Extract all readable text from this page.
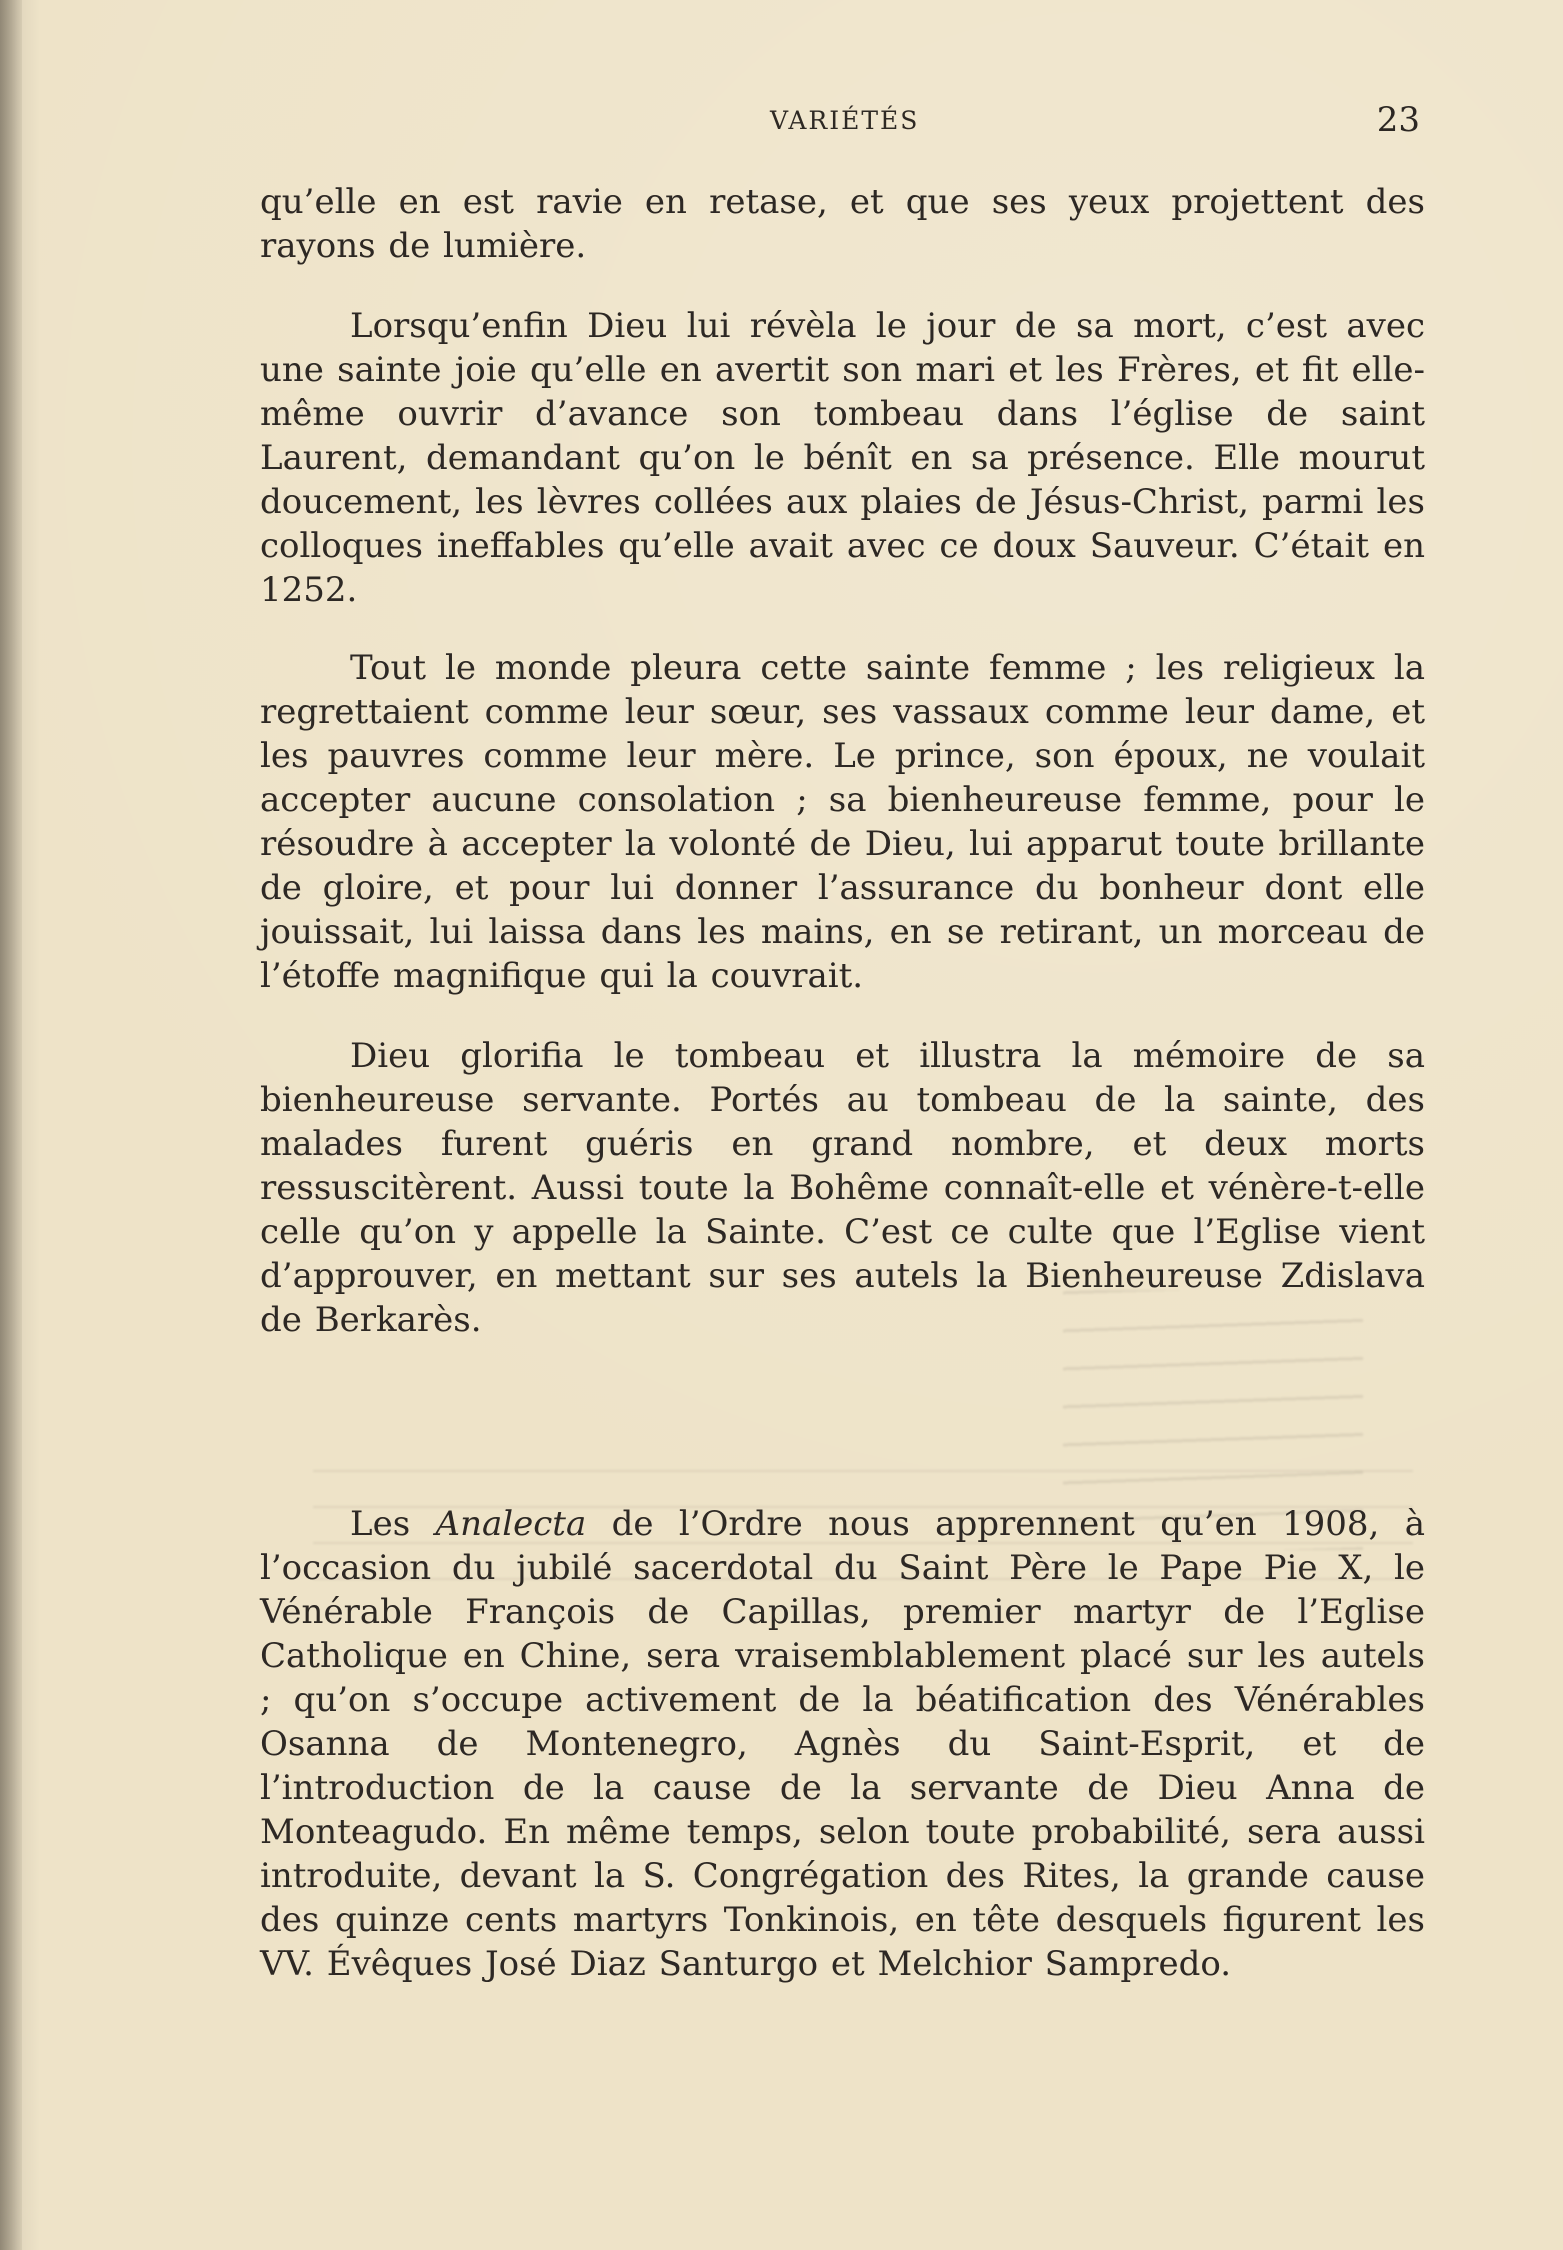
VARIÉTÉS	23

qu’elle en est ravie en retase, et que ses yeux projettent des rayons de lumière.

Lorsqu’enfin Dieu lui révèla le jour de sa mort, c’est avec une sainte joie qu’elle en avertit son mari et les Frères, et fit elle-même ouvrir d’avance son tombeau dans l’église de saint Laurent, demandant qu’on le bénît en sa présence. Elle mourut doucement, les lèvres collées aux plaies de Jésus-Christ, parmi les colloques ineffables qu’elle avait avec ce doux Sauveur. C’était en 1252.

Tout le monde pleura cette sainte femme ; les religieux la regrettaient comme leur sœur, ses vassaux comme leur dame, et les pauvres comme leur mère. Le prince, son époux, ne voulait accepter aucune consolation ; sa bienheureuse femme, pour le résoudre à accepter la volonté de Dieu, lui apparut toute brillante de gloire, et pour lui donner l’assurance du bonheur dont elle jouissait, lui laissa dans les mains, en se retirant, un morceau de l’étoffe magnifique qui la couvrait.

Dieu glorifia le tombeau et illustra la mémoire de sa bienheureuse servante. Portés au tombeau de la sainte, des malades furent guéris en grand nombre, et deux morts ressuscitèrent. Aussi toute la Bohême connaît-elle et vénère-t-elle celle qu’on y appelle la Sainte. C’est ce culte que l’Eglise vient d’approuver, en mettant sur ses autels la Bienheureuse Zdislava de Berkarès.

Les Analecta de l’Ordre nous apprennent qu’en 1908, à l’occasion du jubilé sacerdotal du Saint Père le Pape Pie X, le Vénérable François de Capillas, premier martyr de l’Eglise Catholique en Chine, sera vraisemblablement placé sur les autels ; qu’on s’occupe activement de la béatification des Vénérables Osanna de Montenegro, Agnès du Saint-Esprit, et de l’introduction de la cause de la servante de Dieu Anna de Monteagudo. En même temps, selon toute probabilité, sera aussi introduite, devant la S. Congrégation des Rites, la grande cause des quinze cents martyrs Tonkinois, en tête desquels figurent les VV. Évêques José Diaz Santurgo et Melchior Sampredo.
